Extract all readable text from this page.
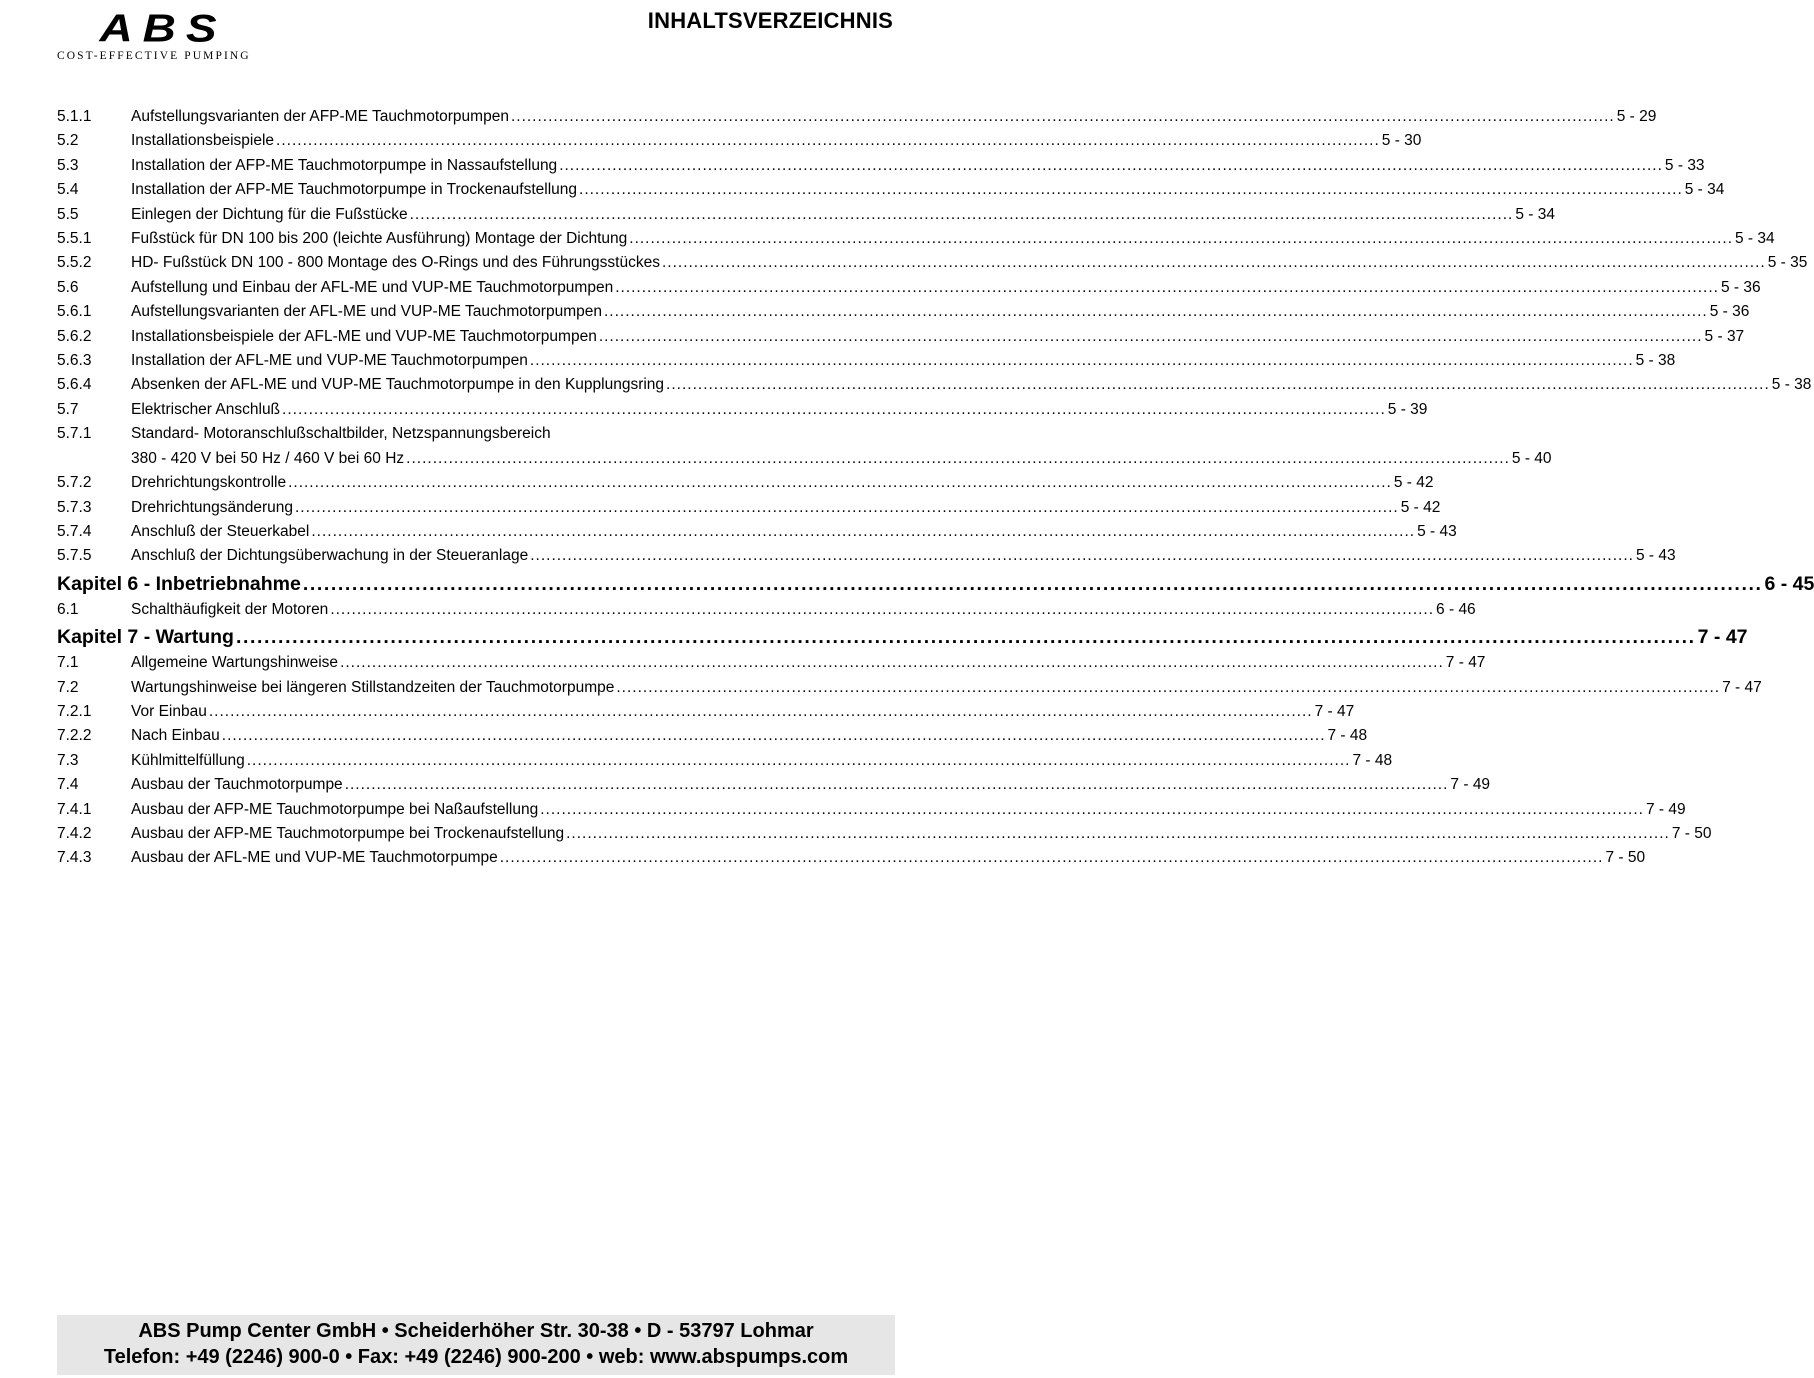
ABS
COST-EFFECTIVE PUMPING
INHALTSVERZEICHNIS
5.1.1	Aufstellungsvarianten der AFP-ME Tauchmotorpumpen .....	5 - 29
5.2	Installationsbeispiele .....	5 - 30
5.3	Installation der AFP-ME Tauchmotorpumpe in Nassaufstellung .....	5 - 33
5.4	Installation der AFP-ME Tauchmotorpumpe in Trockenaufstellung .....	5 - 34
5.5	Einlegen der Dichtung für die Fußstücke .....	5 - 34
5.5.1	Fußstück für DN 100 bis 200 (leichte Ausführung) Montage der Dichtung .....	5 - 34
5.5.2	HD- Fußstück DN 100 - 800 Montage des O-Rings und des Führungsstückes .....	5 - 35
5.6	Aufstellung und Einbau der AFL-ME und VUP-ME Tauchmotorpumpen .....	5 - 36
5.6.1	Aufstellungsvarianten der AFL-ME und VUP-ME Tauchmotorpumpen .....	5 - 36
5.6.2	Installationsbeispiele der AFL-ME und VUP-ME Tauchmotorpumpen .....	5 - 37
5.6.3	Installation der AFL-ME und VUP-ME Tauchmotorpumpen .....	5 - 38
5.6.4	Absenken der AFL-ME und VUP-ME Tauchmotorpumpe in den Kupplungsring .....	5 - 38
5.7	Elektrischer Anschluß .....	5 - 39
5.7.1	Standard- Motoranschlußschaltbilder, Netzspannungsbereich
380 - 420 V bei 50 Hz / 460 V bei 60 Hz .....	5 - 40
5.7.2	Drehrichtungskontrolle .....	5 - 42
5.7.3	Drehrichtungsänderung .....	5 - 42
5.7.4	Anschluß der Steuerkabel .....	5 - 43
5.7.5	Anschluß der Dichtungsüberwachung in der Steueranlage .....	5 - 43
Kapitel 6 - Inbetriebnahme .....	6 - 45
6.1	Schalthäufigkeit der Motoren .....	6 - 46
Kapitel 7 - Wartung .....	7 - 47
7.1	Allgemeine Wartungshinweise .....	7 - 47
7.2	Wartungshinweise bei längeren Stillstandzeiten der Tauchmotorpumpe .....	7 - 47
7.2.1	Vor Einbau .....	7 - 47
7.2.2	Nach Einbau .....	7 - 48
7.3	Kühlmittelfüllung .....	7 - 48
7.4	Ausbau der Tauchmotorpumpe .....	7 - 49
7.4.1	Ausbau der AFP-ME Tauchmotorpumpe bei Naßaufstellung .....	7 - 49
7.4.2	Ausbau der AFP-ME Tauchmotorpumpe bei Trockenaufstellung .....	7 - 50
7.4.3	Ausbau der AFL-ME und VUP-ME Tauchmotorpumpe .....	7 - 50
ABS Pump Center GmbH • Scheiderhöher Str. 30-38 • D - 53797 Lohmar
Telefon: +49 (2246) 900-0 • Fax: +49 (2246) 900-200 • web: www.abspumps.com
